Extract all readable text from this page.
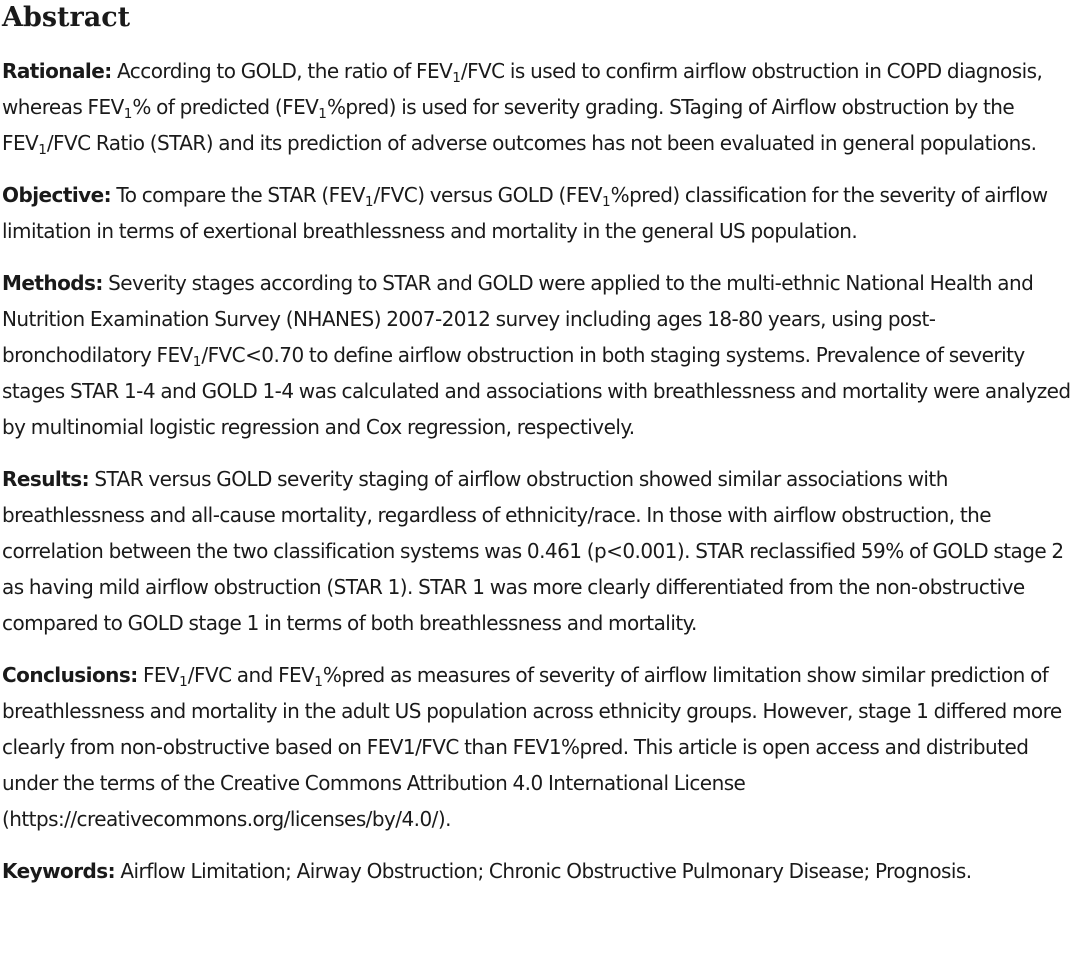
Abstract

Rationale: According to GOLD, the ratio of $FEV_1$/FVC is used to confirm airflow obstruction in COPD diagnosis, whereas $FEV_1\%$ of predicted $(FEV_1\%pred)$ is used for severity grading. STaging of Airflow obstruction by the $FEV_1$/FVC Ratio (STAR) and its prediction of adverse outcomes has not been evaluated in general populations.

Objective: To compare the STAR $(FEV_1/FVC)$ versus GOLD $(FEV_1\%pred)$ classification for the severity of airflow limitation in terms of exertional breathlessness and mortality in the general US population.

Methods: Severity stages according to STAR and GOLD were applied to the multi-ethnic National Health and Nutrition Examination Survey (NHANES) 2007-2012 survey including ages 18-80 years, using post-bronchodilatory $FEV_1/FVC<0.70$ to define airflow obstruction in both staging systems. Prevalence of severity stages STAR 1-4 and GOLD 1-4 was calculated and associations with breathlessness and mortality were analyzed by multinomial logistic regression and Cox regression, respectively.

Results: STAR versus GOLD severity staging of airflow obstruction showed similar associations with breathlessness and all-cause mortality, regardless of ethnicity/race. In those with airflow obstruction, the correlation between the two classification systems was 0.461 (p<0.001). STAR reclassified 59% of GOLD stage 2 as having mild airflow obstruction (STAR 1). STAR 1 was more clearly differentiated from the non-obstructive compared to GOLD stage 1 in terms of both breathlessness and mortality.

Conclusions: $FEV_1$/FVC and $FEV_1\%pred$ as measures of severity of airflow limitation show similar prediction of breathlessness and mortality in the adult US population across ethnicity groups. However, stage 1 differed more clearly from non-obstructive based on FEV1/FVC than FEV1%pred. This article is open access and distributed under the terms of the Creative Commons Attribution 4.0 International License (https://creativecommons.org/licenses/by/4.0/).

Keywords: Airflow Limitation; Airway Obstruction; Chronic Obstructive Pulmonary Disease; Prognosis.
